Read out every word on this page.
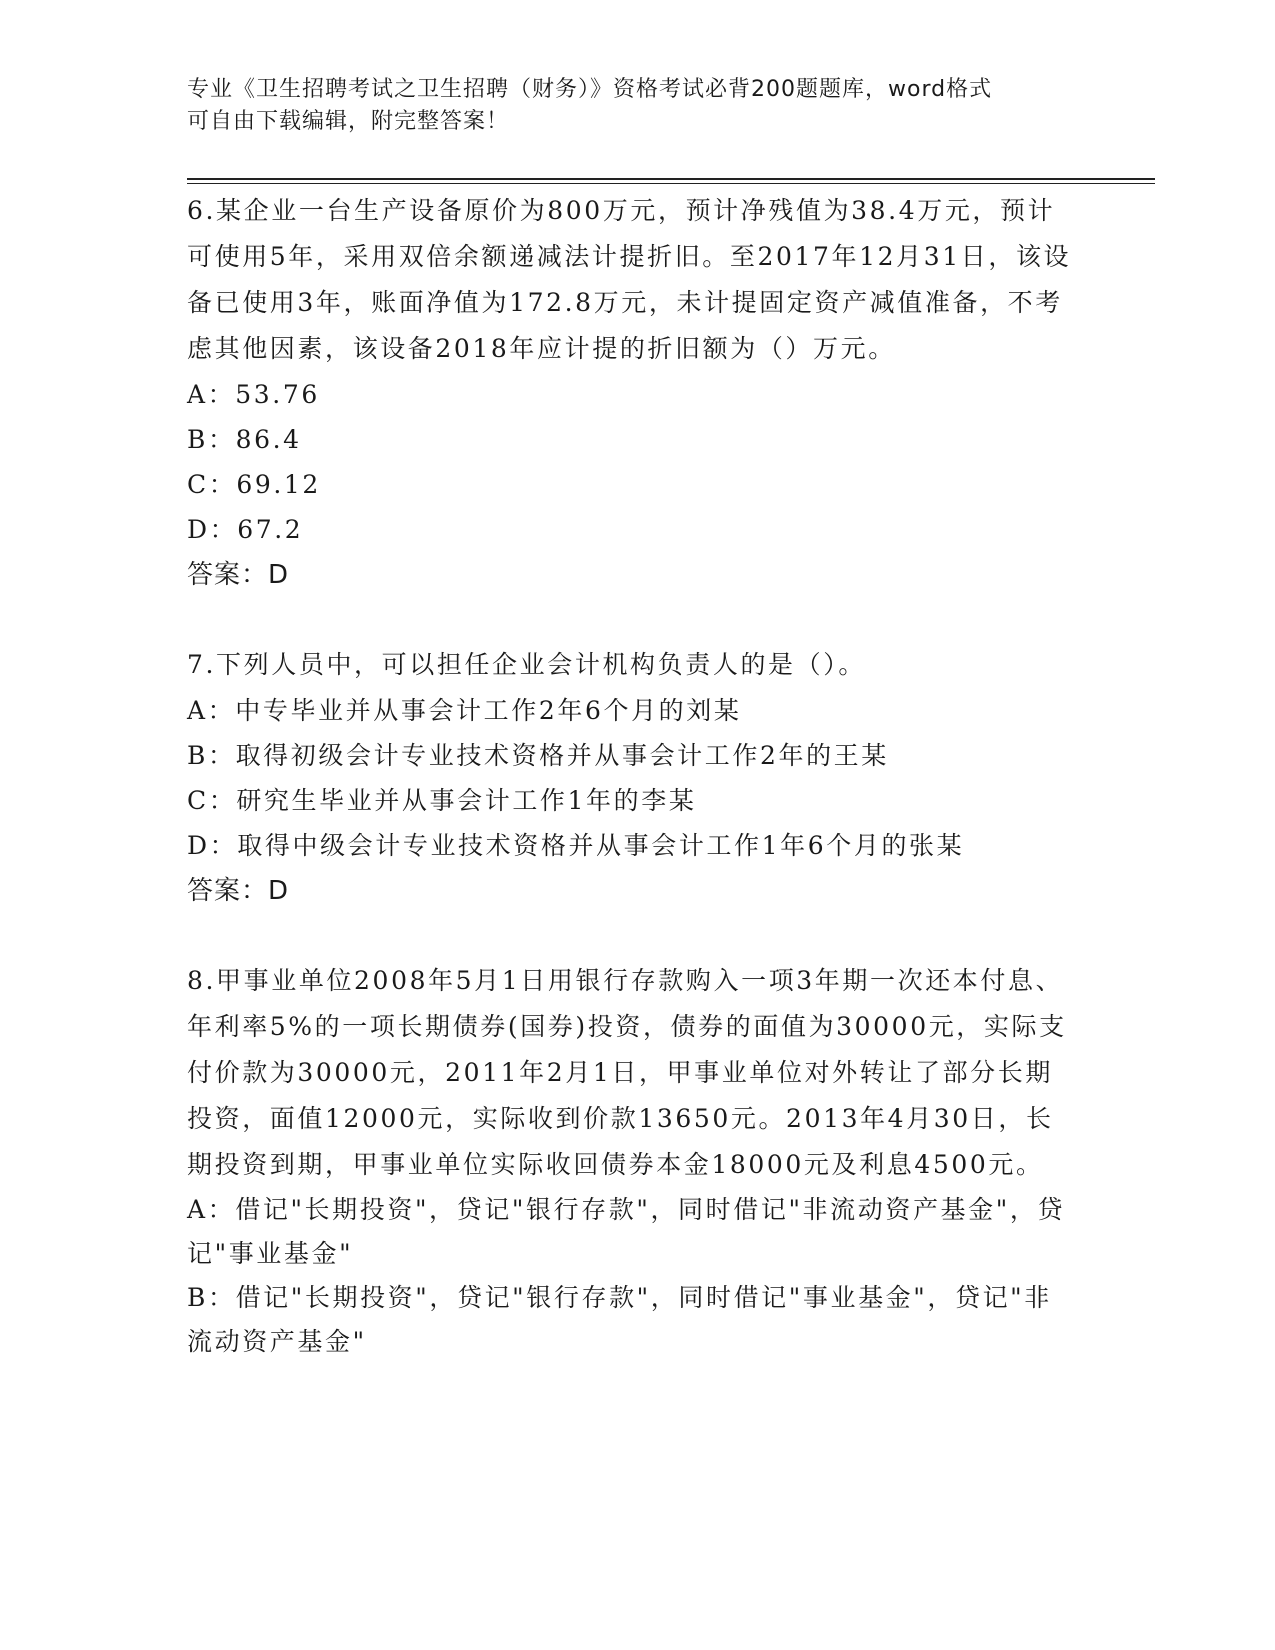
专业《卫生招聘考试之卫生招聘（财务）》资格考试必背200题题库，word格式
可自由下载编辑，附完整答案！
6.某企业一台生产设备原价为800万元，预计净残值为38.4万元，预计可使用5年，采用双倍余额递减法计提折旧。至2017年12月31日，该设备已使用3年，账面净值为172.8万元，未计提固定资产减值准备，不考虑其他因素，该设备2018年应计提的折旧额为（）万元。
A：53.76
B：86.4
C：69.12
D：67.2
答案：D
7.下列人员中，可以担任企业会计机构负责人的是（）。
A：中专毕业并从事会计工作2年6个月的刘某
B：取得初级会计专业技术资格并从事会计工作2年的王某
C：研究生毕业并从事会计工作1年的李某
D：取得中级会计专业技术资格并从事会计工作1年6个月的张某
答案：D
8.甲事业单位2008年5月1日用银行存款购入一项3年期一次还本付息、年利率5%的一项长期债券(国券)投资，债券的面值为30000元，实际支付价款为30000元，2011年2月1日，甲事业单位对外转让了部分长期投资，面值12000元，实际收到价款13650元。2013年4月30日，长期投资到期，甲事业单位实际收回债券本金18000元及利息4500元。
A：借记"长期投资"，贷记"银行存款"，同时借记"非流动资产基金"，贷记"事业基金"
B：借记"长期投资"，贷记"银行存款"，同时借记"事业基金"，贷记"非流动资产基金"
